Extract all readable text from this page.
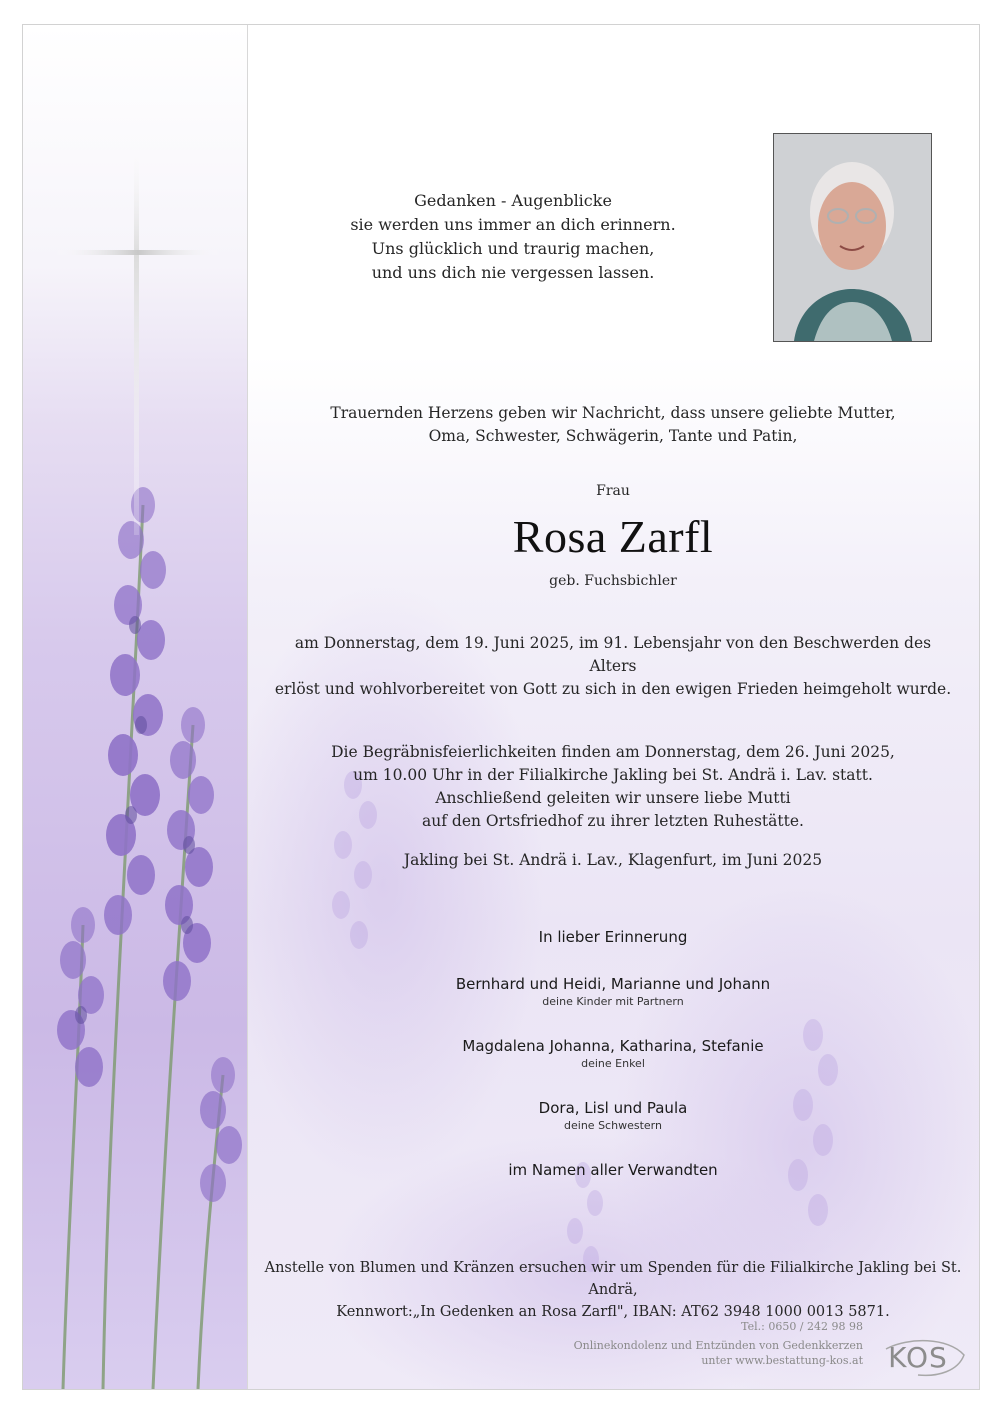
Gedanken - Augenblicke
sie werden uns immer an dich erinnern.
Uns glücklich und traurig machen,
und uns dich nie vergessen lassen.
Trauernden Herzens geben wir Nachricht, dass unsere geliebte Mutter,
Oma, Schwester, Schwägerin, Tante und Patin,
Frau
Rosa Zarfl
geb. Fuchsbichler
am Donnerstag, dem 19. Juni 2025, im 91. Lebensjahr von den Beschwerden des Alters
erlöst und wohlvorbereitet von Gott zu sich in den ewigen Frieden heimgeholt wurde.
Die Begräbnisfeierlichkeiten finden am Donnerstag, dem 26. Juni 2025,
um 10.00 Uhr in der Filialkirche Jakling bei St. Andrä i. Lav. statt.
Anschließend geleiten wir unsere liebe Mutti
auf den Ortsfriedhof zu ihrer letzten Ruhestätte.
Jakling bei St. Andrä i. Lav., Klagenfurt, im Juni 2025
In lieber Erinnerung
Bernhard und Heidi, Marianne und Johann
deine Kinder mit Partnern
Magdalena Johanna, Katharina, Stefanie
deine Enkel
Dora, Lisl und Paula
deine Schwestern
im Namen aller Verwandten
Anstelle von Blumen und Kränzen ersuchen wir um Spenden für die Filialkirche Jakling bei St. Andrä,
Kennwort:„In Gedenken an Rosa Zarfl", IBAN: AT62 3948 1000 0013 5871.
Tel.: 0650 / 242 98 98
Onlinekondolenz und Entzünden von Gedenkkerzen unter www.bestattung-kos.at KOS
